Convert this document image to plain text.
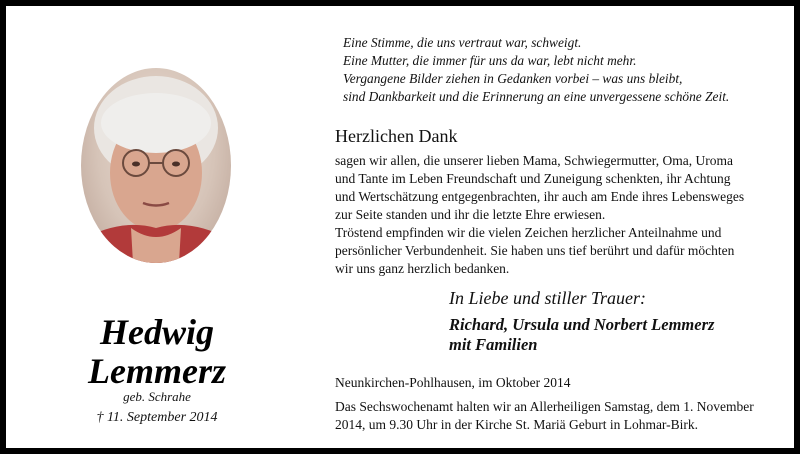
Hedwig
Lemmerz
geb. Schrahe
† 11. September 2014
Eine Stimme, die uns vertraut war, schweigt.
Eine Mutter, die immer für uns da war, lebt nicht mehr.
Vergangene Bilder ziehen in Gedanken vorbei – was uns bleibt,
sind Dankbarkeit und die Erinnerung an eine unvergessene schöne Zeit.
Herzlichen Dank
sagen wir allen, die unserer lieben Mama, Schwiegermutter, Oma, Uroma
und Tante im Leben Freundschaft und Zuneigung schenkten, ihr Achtung
und Wertschätzung entgegenbrachten, ihr auch am Ende ihres Lebensweges
zur Seite standen und ihr die letzte Ehre erwiesen.
Tröstend empfinden wir die vielen Zeichen herzlicher Anteilnahme und
persönlicher Verbundenheit. Sie haben uns tief berührt und dafür möchten
wir uns ganz herzlich bedanken.
In Liebe und stiller Trauer:
Richard, Ursula und Norbert Lemmerz
mit Familien
Neunkirchen-Pohlhausen, im Oktober 2014
Das Sechswochenamt halten wir an Allerheiligen Samstag, dem 1. November
2014, um 9.30 Uhr in der Kirche St. Mariä Geburt in Lohmar-Birk.
